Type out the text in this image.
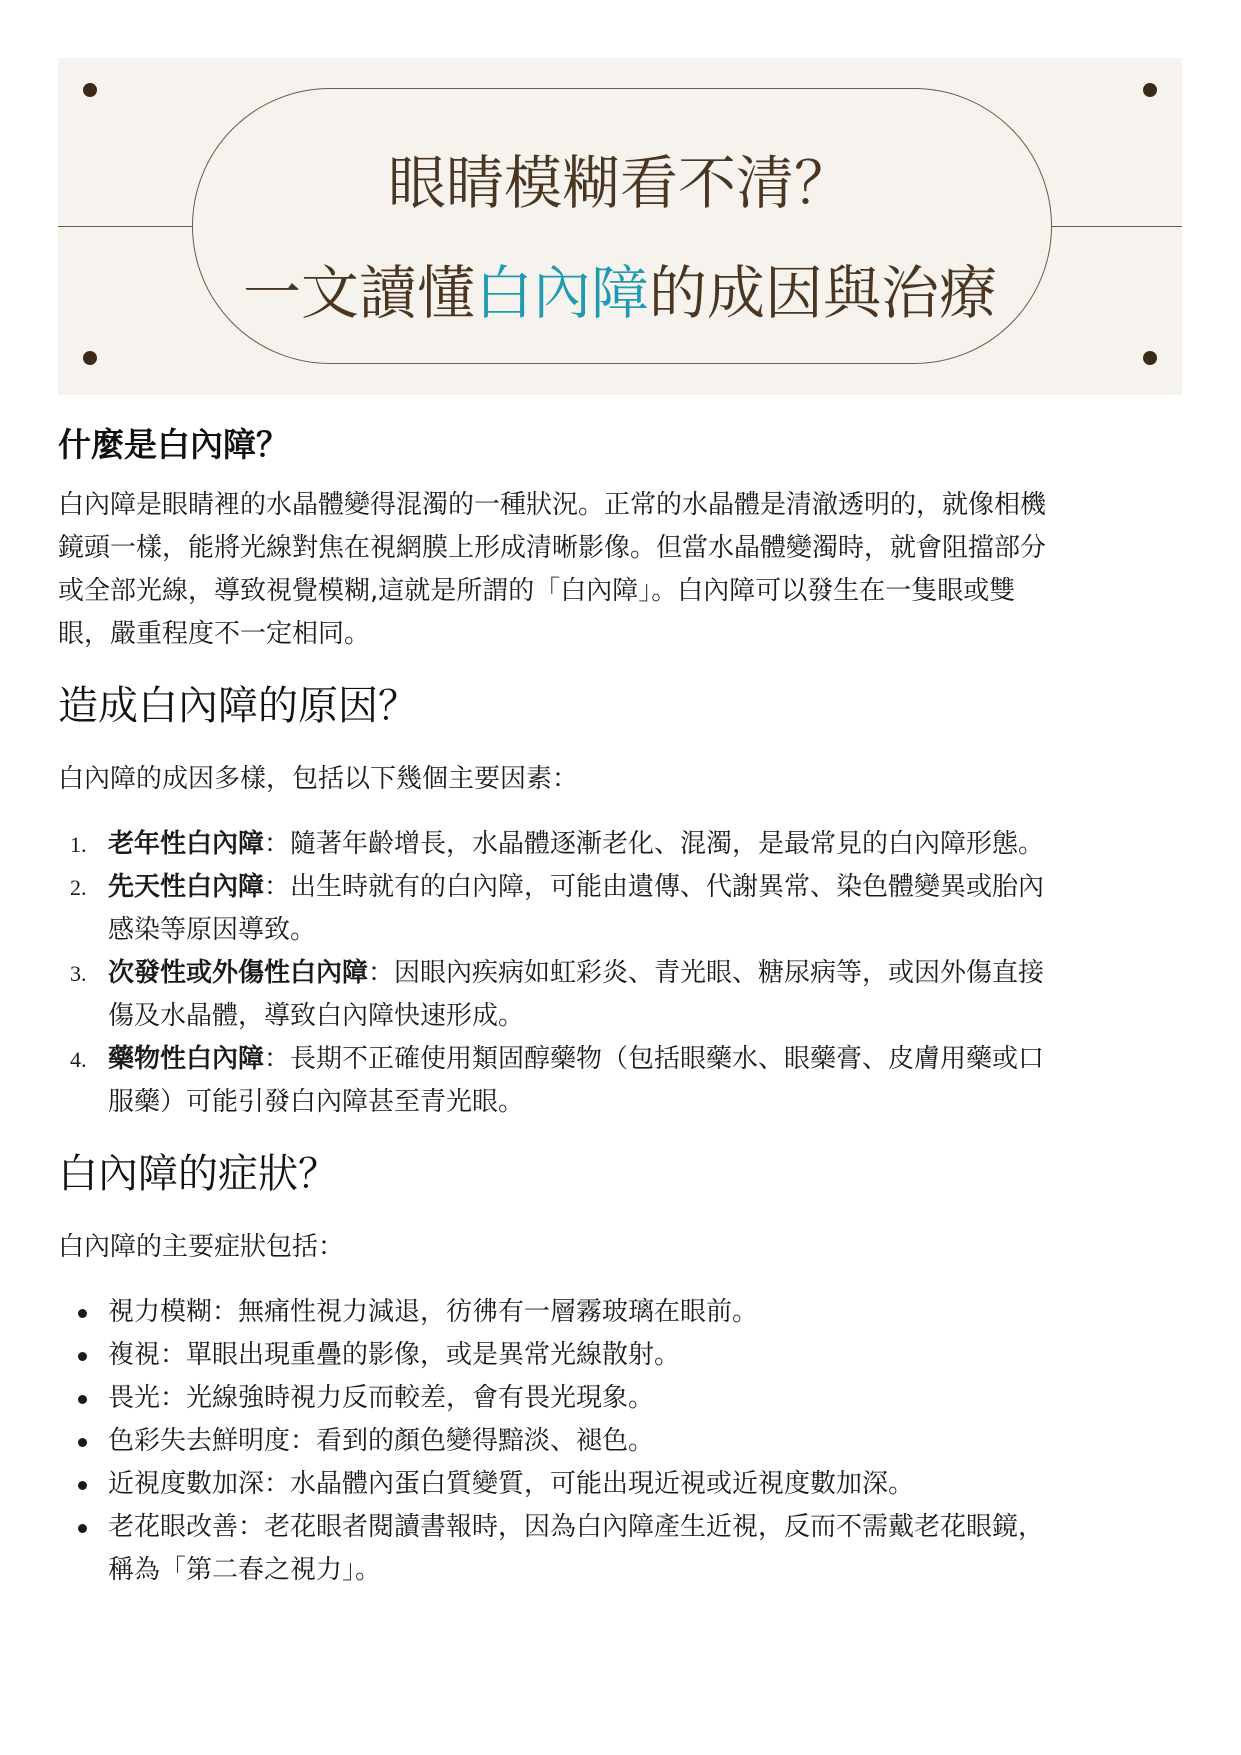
眼睛模糊看不清？
一文讀懂白內障的成因與治療
什麼是白內障？

白內障是眼睛裡的水晶體變得混濁的一種狀況。正常的水晶體是清澈透明的，就像相機

鏡頭一樣，能將光線對焦在視網膜上形成清晰影像。但當水晶體變濁時，就會阻擋部分

或全部光線，導致視覺模糊,這就是所謂的「白內障」。白內障可以發生在一隻眼或雙

眼，嚴重程度不一定相同。

造成白內障的原因？

白內障的成因多樣，包括以下幾個主要因素：

1. 老年性白內障：隨著年齡增長，水晶體逐漸老化、混濁，是最常見的白內障形態。
2. 先天性白內障：出生時就有的白內障，可能由遺傳、代謝異常、染色體變異或胎內
感染等原因導致。
3. 次發性或外傷性白內障：因眼內疾病如虹彩炎、青光眼、糖尿病等，或因外傷直接
傷及水晶體，導致白內障快速形成。
4. 藥物性白內障：長期不正確使用類固醇藥物（包括眼藥水、眼藥膏、皮膚用藥或口
服藥）可能引發白內障甚至青光眼。
白內障的症狀？

白內障的主要症狀包括：

視力模糊：無痛性視力減退，彷彿有一層霧玻璃在眼前。
複視：單眼出現重疊的影像，或是異常光線散射。
畏光：光線強時視力反而較差，會有畏光現象。
色彩失去鮮明度：看到的顏色變得黯淡、褪色。
近視度數加深：水晶體內蛋白質變質，可能出現近視或近視度數加深。
老花眼改善：老花眼者閱讀書報時，因為白內障產生近視，反而不需戴老花眼鏡，
稱為「第二春之視力」。
